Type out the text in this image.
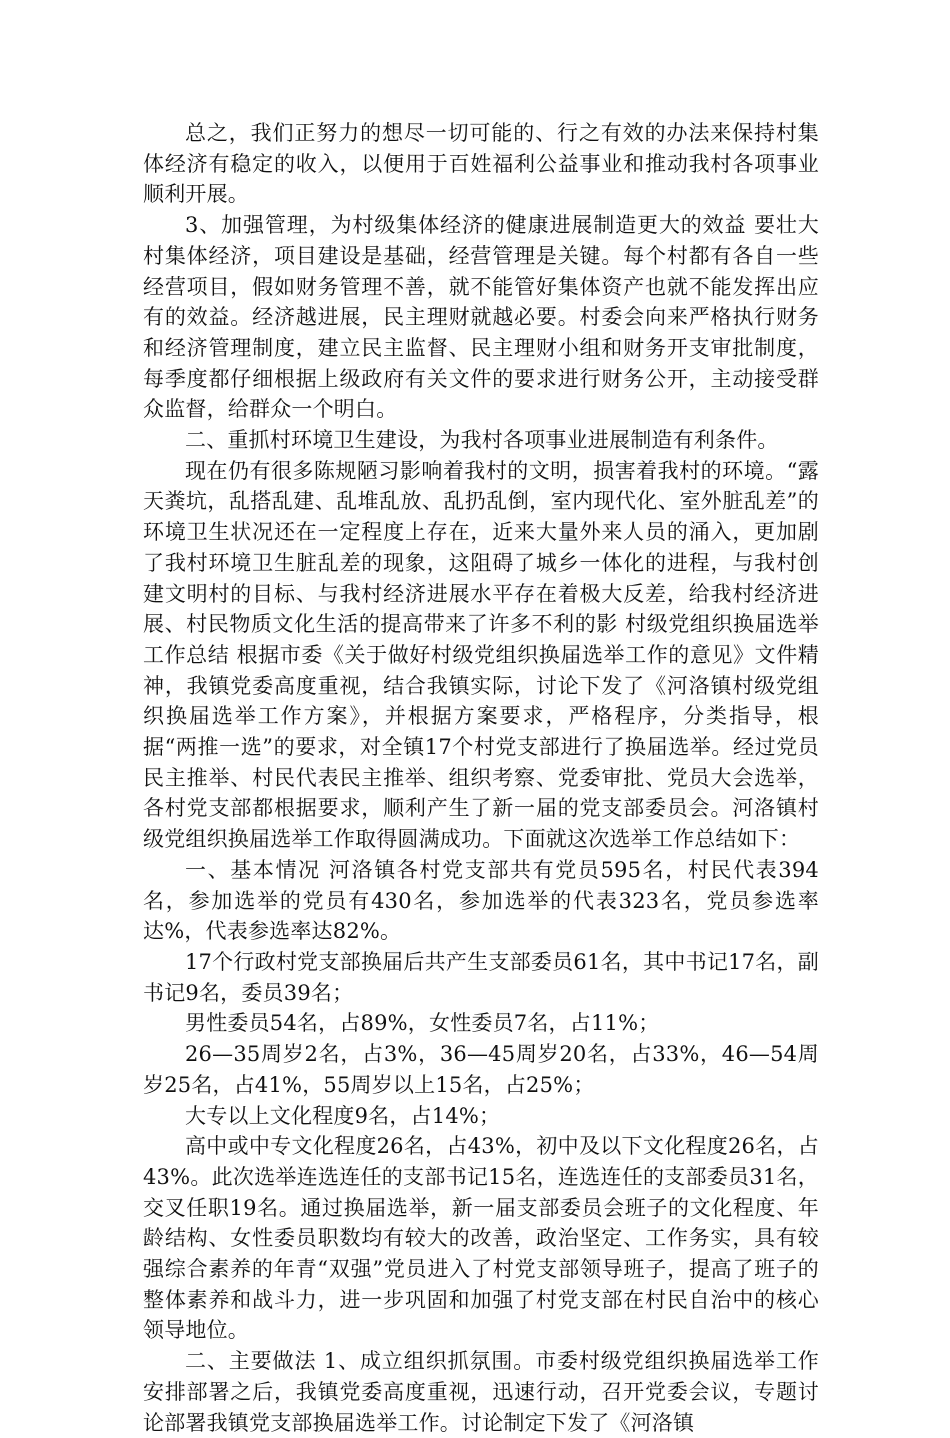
总之，我们正努力的想尽一切可能的、行之有效的办法来保持村集体经济有稳定的收入，以便用于百姓福利公益事业和推动我村各项事业顺利开展。

3、加强管理，为村级集体经济的健康进展制造更大的效益 要壮大村集体经济，项目建设是基础，经营管理是关键。每个村都有各自一些经营项目，假如财务管理不善，就不能管好集体资产也就不能发挥出应有的效益。经济越进展，民主理财就越必要。村委会向来严格执行财务和经济管理制度，建立民主监督、民主理财小组和财务开支审批制度，每季度都仔细根据上级政府有关文件的要求进行财务公开，主动接受群众监督，给群众一个明白。

二、重抓村环境卫生建设，为我村各项事业进展制造有利条件。

现在仍有很多陈规陋习影响着我村的文明，损害着我村的环境。“露天粪坑，乱搭乱建、乱堆乱放、乱扔乱倒，室内现代化、室外脏乱差”的环境卫生状况还在一定程度上存在，近来大量外来人员的涌入，更加剧了我村环境卫生脏乱差的现象，这阻碍了城乡一体化的进程，与我村创建文明村的目标、与我村经济进展水平存在着极大反差，给我村经济进展、村民物质文化生活的提高带来了许多不利的影 村级党组织换届选举工作总结 根据市委《关于做好村级党组织换届选举工作的意见》文件精神，我镇党委高度重视，结合我镇实际，讨论下发了《河洛镇村级党组织换届选举工作方案》，并根据方案要求，严格程序，分类指导，根据“两推一选”的要求，对全镇17个村党支部进行了换届选举。经过党员民主推举、村民代表民主推举、组织考察、党委审批、党员大会选举，各村党支部都根据要求，顺利产生了新一届的党支部委员会。河洛镇村级党组织换届选举工作取得圆满成功。下面就这次选举工作总结如下：

一、基本情况 河洛镇各村党支部共有党员595名，村民代表394名，参加选举的党员有430名，参加选举的代表323名，党员参选率达%，代表参选率达82%。

17个行政村党支部换届后共产生支部委员61名，其中书记17名，副书记9名，委员39名；

男性委员54名，占89%，女性委员7名，占11%；

26—35周岁2名，占3%，36—45周岁20名，占33%，46—54周岁25名，占41%，55周岁以上15名，占25%；

大专以上文化程度9名，占14%；

高中或中专文化程度26名，占43%，初中及以下文化程度26名，占43%。此次选举连选连任的支部书记15名，连选连任的支部委员31名，交叉任职19名。通过换届选举，新一届支部委员会班子的文化程度、年龄结构、女性委员职数均有较大的改善，政治坚定、工作务实，具有较强综合素养的年青“双强”党员进入了村党支部领导班子，提高了班子的整体素养和战斗力，进一步巩固和加强了村党支部在村民自治中的核心领导地位。

二、主要做法 1、成立组织抓氛围。市委村级党组织换届选举工作安排部署之后，我镇党委高度重视，迅速行动，召开党委会议，专题讨论部署我镇党支部换届选举工作。讨论制定下发了《河洛镇
